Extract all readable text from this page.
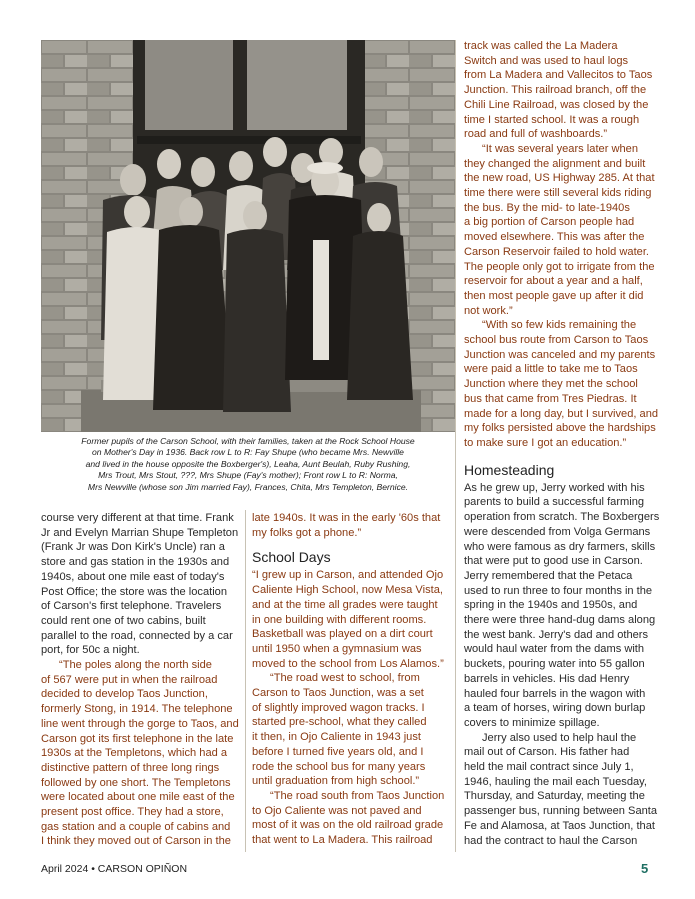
Former pupils of the Carson School, with their families, taken at the Rock School House
on Mother's Day in 1936. Back row L to R: Fay Shupe (who became Mrs. Newville
and lived in the house opposite the Boxberger's), Leaha, Aunt Beulah, Ruby Rushing,
Mrs Trout, Mrs Stout, ???, Mrs Shupe (Fay's mother); Front row L to R: Norma,
Mrs Newville (whose son Jim married Fay), Frances, Chita, Mrs Templeton, Bernice.
course very different at that time. Frank
Jr and Evelyn Marrian Shupe Templeton
(Frank Jr was Don Kirk's Uncle) ran a
store and gas station in the 1930s and
1940s, about one mile east of today's
Post Office; the store was the location
of Carson's first telephone. Travelers
could rent one of two cabins, built
parallel to the road, connected by a car
port, for 50c a night.
“The poles along the north side
of 567 were put in when the railroad
decided to develop Taos Junction,
formerly Stong, in 1914. The telephone
line went through the gorge to Taos, and
Carson got its first telephone in the late
1930s at the Templetons, which had a
distinctive pattern of three long rings
followed by one short. The Templetons
were located about one mile east of the
present post office. They had a store,
gas station and a couple of cabins and
I think they moved out of Carson in the
late 1940s. It was in the early '60s that
my folks got a phone.”
School Days
“I grew up in Carson, and attended Ojo
Caliente High School, now Mesa Vista,
and at the time all grades were taught
in one building with different rooms.
Basketball was played on a dirt court
until 1950 when a gymnasium was
moved to the school from Los Alamos.”
“The road west to school, from
Carson to Taos Junction, was a set
of slightly improved wagon tracks. I
started pre-school, what they called
it then, in Ojo Caliente in 1943 just
before I turned five years old, and I
rode the school bus for many years
until graduation from high school.”
“The road south from Taos Junction
to Ojo Caliente was not paved and
most of it was on the old railroad grade
that went to La Madera. This railroad
track was called the La Madera
Switch and was used to haul logs
from La Madera and Vallecitos to Taos
Junction. This railroad branch, off the
Chili Line Railroad, was closed by the
time I started school. It was a rough
road and full of washboards.”
“It was several years later when
they changed the alignment and built
the new road, US Highway 285. At that
time there were still several kids riding
the bus. By the mid- to late-1940s
a big portion of Carson people had
moved elsewhere. This was after the
Carson Reservoir failed to hold water.
The people only got to irrigate from the
reservoir for about a year and a half,
then most people gave up after it did
not work.”
“With so few kids remaining the
school bus route from Carson to Taos
Junction was canceled and my parents
were paid a little to take me to Taos
Junction where they met the school
bus that came from Tres Piedras. It
made for a long day, but I survived, and
my folks persisted above the hardships
to make sure I got an education.”
Homesteading
As he grew up, Jerry worked with his
parents to build a successful farming
operation from scratch. The Boxbergers
were descended from Volga Germans
who were famous as dry farmers, skills
that were put to good use in Carson.
Jerry remembered that the Petaca
used to run three to four months in the
spring in the 1940s and 1950s, and
there were three hand-dug dams along
the west bank. Jerry's dad and others
would haul water from the dams with
buckets, pouring water into 55 gallon
barrels in vehicles. His dad Henry
hauled four barrels in the wagon with
a team of horses, wiring down burlap
covers to minimize spillage.
Jerry also used to help haul the
mail out of Carson. His father had
held the mail contract since July 1,
1946, hauling the mail each Tuesday,
Thursday, and Saturday, meeting the
passenger bus, running between Santa
Fe and Alamosa, at Taos Junction, that
had the contract to haul the Carson
April 2024 • CARSON OPIÑON	5
